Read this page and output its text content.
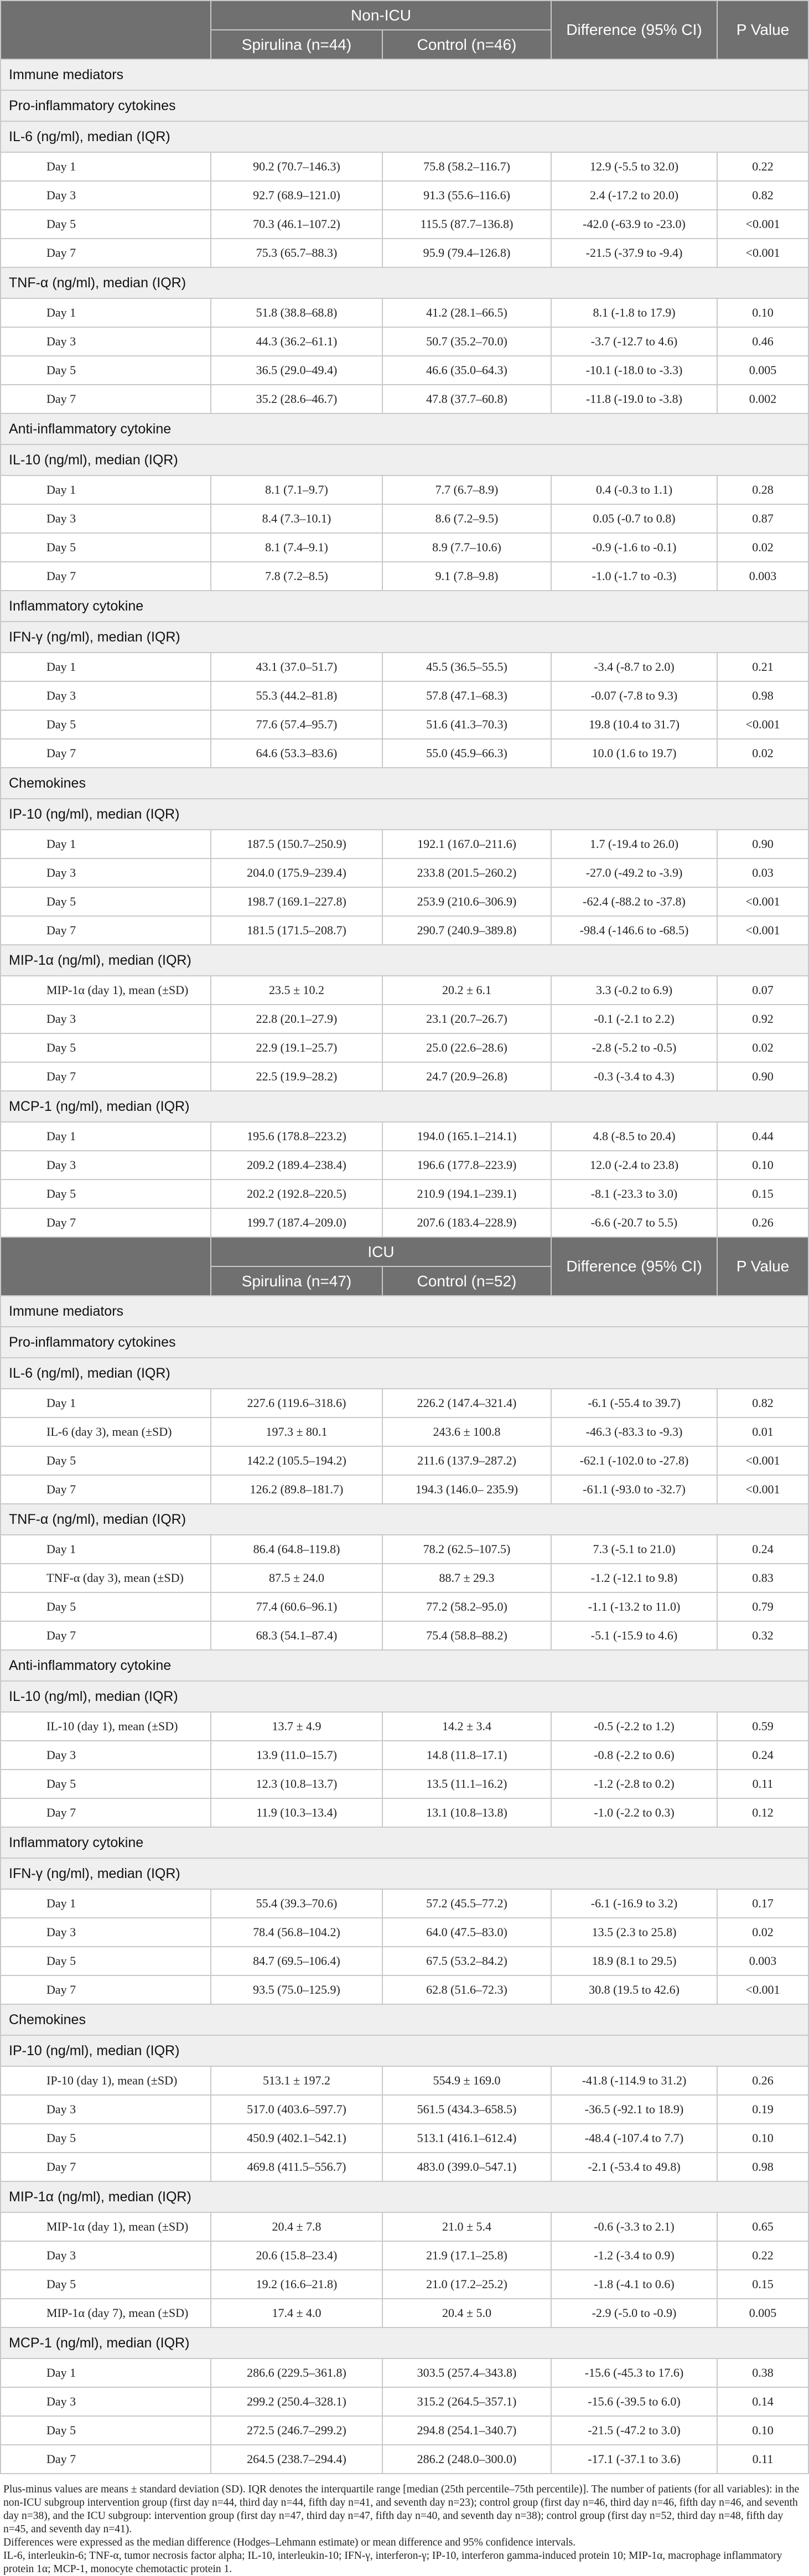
	Non-ICU		Difference (95% CI)	P Value
	Spirulina (n=44)	Control (n=46)		
Immune mediators				
Pro-inflammatory cytokines				
IL-6 (ng/ml), median (IQR)				
Day 1	90.2 (70.7–146.3)	75.8 (58.2–116.7)	12.9 (-5.5 to 32.0)	0.22
Day 3	92.7 (68.9–121.0)	91.3 (55.6–116.6)	2.4 (-17.2 to 20.0)	0.82
Day 5	70.3 (46.1–107.2)	115.5 (87.7–136.8)	-42.0 (-63.9 to -23.0)	<0.001
Day 7	75.3 (65.7–88.3)	95.9 (79.4–126.8)	-21.5 (-37.9 to -9.4)	<0.001
TNF-α (ng/ml), median (IQR)				
Day 1	51.8 (38.8–68.8)	41.2 (28.1–66.5)	8.1 (-1.8 to 17.9)	0.10
Day 3	44.3 (36.2–61.1)	50.7 (35.2–70.0)	-3.7 (-12.7 to 4.6)	0.46
Day 5	36.5 (29.0–49.4)	46.6 (35.0–64.3)	-10.1 (-18.0 to -3.3)	0.005
Day 7	35.2 (28.6–46.7)	47.8 (37.7–60.8)	-11.8 (-19.0 to -3.8)	0.002
Anti-inflammatory cytokine				
IL-10 (ng/ml), median (IQR)				
Day 1	8.1 (7.1–9.7)	7.7 (6.7–8.9)	0.4 (-0.3 to 1.1)	0.28
Day 3	8.4 (7.3–10.1)	8.6 (7.2–9.5)	0.05 (-0.7 to 0.8)	0.87
Day 5	8.1 (7.4–9.1)	8.9 (7.7–10.6)	-0.9 (-1.6 to -0.1)	0.02
Day 7	7.8 (7.2–8.5)	9.1 (7.8–9.8)	-1.0 (-1.7 to -0.3)	0.003
Inflammatory cytokine				
IFN-γ (ng/ml), median (IQR)				
Day 1	43.1 (37.0–51.7)	45.5 (36.5–55.5)	-3.4 (-8.7 to 2.0)	0.21
Day 3	55.3 (44.2–81.8)	57.8 (47.1–68.3)	-0.07 (-7.8 to 9.3)	0.98
Day 5	77.6 (57.4–95.7)	51.6 (41.3–70.3)	19.8 (10.4 to 31.7)	<0.001
Day 7	64.6 (53.3–83.6)	55.0 (45.9–66.3)	10.0 (1.6 to 19.7)	0.02
Chemokines				
IP-10 (ng/ml), median (IQR)				
Day 1	187.5 (150.7–250.9)	192.1 (167.0–211.6)	1.7 (-19.4 to 26.0)	0.90
Day 3	204.0 (175.9–239.4)	233.8 (201.5–260.2)	-27.0 (-49.2 to -3.9)	0.03
Day 5	198.7 (169.1–227.8)	253.9 (210.6–306.9)	-62.4 (-88.2 to -37.8)	<0.001
Day 7	181.5 (171.5–208.7)	290.7 (240.9–389.8)	-98.4 (-146.6 to -68.5)	<0.001
MIP-1α (ng/ml), median (IQR)				
MIP-1α (day 1), mean (±SD)	23.5 ± 10.2	20.2 ± 6.1	3.3 (-0.2 to 6.9)	0.07
Day 3	22.8 (20.1–27.9)	23.1 (20.7–26.7)	-0.1 (-2.1 to 2.2)	0.92
Day 5	22.9 (19.1–25.7)	25.0 (22.6–28.6)	-2.8 (-5.2 to -0.5)	0.02
Day 7	22.5 (19.9–28.2)	24.7 (20.9–26.8)	-0.3 (-3.4 to 4.3)	0.90
MCP-1 (ng/ml), median (IQR)				
Day 1	195.6 (178.8–223.2)	194.0 (165.1–214.1)	4.8 (-8.5 to 20.4)	0.44
Day 3	209.2 (189.4–238.4)	196.6 (177.8–223.9)	12.0 (-2.4 to 23.8)	0.10
Day 5	202.2 (192.8–220.5)	210.9 (194.1–239.1)	-8.1 (-23.3 to 3.0)	0.15
Day 7	199.7 (187.4–209.0)	207.6 (183.4–228.9)	-6.6 (-20.7 to 5.5)	0.26
	ICU		Difference (95% CI)	P Value
	Spirulina (n=47)	Control (n=52)		
Immune mediators				
Pro-inflammatory cytokines				
IL-6 (ng/ml), median (IQR)				
Day 1	227.6 (119.6–318.6)	226.2 (147.4–321.4)	-6.1 (-55.4 to 39.7)	0.82
IL-6 (day 3), mean (±SD)	197.3 ± 80.1	243.6 ± 100.8	-46.3 (-83.3 to -9.3)	0.01
Day 5	142.2 (105.5–194.2)	211.6 (137.9–287.2)	-62.1 (-102.0 to -27.8)	<0.001
Day 7	126.2 (89.8–181.7)	194.3 (146.0– 235.9)	-61.1 (-93.0 to -32.7)	<0.001
TNF-α (ng/ml), median (IQR)				
Day 1	86.4 (64.8–119.8)	78.2 (62.5–107.5)	7.3 (-5.1 to 21.0)	0.24
TNF-α (day 3), mean (±SD)	87.5 ± 24.0	88.7 ± 29.3	-1.2 (-12.1 to 9.8)	0.83
Day 5	77.4 (60.6–96.1)	77.2 (58.2–95.0)	-1.1 (-13.2 to 11.0)	0.79
Day 7	68.3 (54.1–87.4)	75.4 (58.8–88.2)	-5.1 (-15.9 to 4.6)	0.32
Anti-inflammatory cytokine				
IL-10 (ng/ml), median (IQR)				
IL-10 (day 1), mean (±SD)	13.7 ± 4.9	14.2 ± 3.4	-0.5 (-2.2 to 1.2)	0.59
Day 3	13.9 (11.0–15.7)	14.8 (11.8–17.1)	-0.8 (-2.2 to 0.6)	0.24
Day 5	12.3 (10.8–13.7)	13.5 (11.1–16.2)	-1.2 (-2.8 to 0.2)	0.11
Day 7	11.9 (10.3–13.4)	13.1 (10.8–13.8)	-1.0 (-2.2 to 0.3)	0.12
Inflammatory cytokine				
IFN-γ (ng/ml), median (IQR)				
Day 1	55.4 (39.3–70.6)	57.2 (45.5–77.2)	-6.1 (-16.9 to 3.2)	0.17
Day 3	78.4 (56.8–104.2)	64.0 (47.5–83.0)	13.5 (2.3 to 25.8)	0.02
Day 5	84.7 (69.5–106.4)	67.5 (53.2–84.2)	18.9 (8.1 to 29.5)	0.003
Day 7	93.5 (75.0–125.9)	62.8 (51.6–72.3)	30.8 (19.5 to 42.6)	<0.001
Chemokines				
IP-10 (ng/ml), median (IQR)				
IP-10 (day 1), mean (±SD)	513.1 ± 197.2	554.9 ± 169.0	-41.8 (-114.9 to 31.2)	0.26
Day 3	517.0 (403.6–597.7)	561.5 (434.3–658.5)	-36.5 (-92.1 to 18.9)	0.19
Day 5	450.9 (402.1–542.1)	513.1 (416.1–612.4)	-48.4 (-107.4 to 7.7)	0.10
Day 7	469.8 (411.5–556.7)	483.0 (399.0–547.1)	-2.1 (-53.4 to 49.8)	0.98
MIP-1α (ng/ml), median (IQR)				
MIP-1α (day 1), mean (±SD)	20.4 ± 7.8	21.0 ± 5.4	-0.6 (-3.3 to 2.1)	0.65
Day 3	20.6 (15.8–23.4)	21.9 (17.1–25.8)	-1.2 (-3.4 to 0.9)	0.22
Day 5	19.2 (16.6–21.8)	21.0 (17.2–25.2)	-1.8 (-4.1 to 0.6)	0.15
MIP-1α (day 7), mean (±SD)	17.4 ± 4.0	20.4 ± 5.0	-2.9 (-5.0 to -0.9)	0.005
MCP-1 (ng/ml), median (IQR)				
Day 1	286.6 (229.5–361.8)	303.5 (257.4–343.8)	-15.6 (-45.3 to 17.6)	0.38
Day 3	299.2 (250.4–328.1)	315.2 (264.5–357.1)	-15.6 (-39.5 to 6.0)	0.14
Day 5	272.5 (246.7–299.2)	294.8 (254.1–340.7)	-21.5 (-47.2 to 3.0)	0.10
Day 7	264.5 (238.7–294.4)	286.2 (248.0–300.0)	-17.1 (-37.1 to 3.6)	0.11

Plus-minus values are means ± standard deviation (SD). IQR denotes the interquartile range [median (25th percentile–75th percentile)]. The number of patients (for all variables): in the non-ICU subgroup intervention group (first day n=44, third day n=44, fifth day n=41, and seventh day n=23); control group (first day n=46, third day n=46, fifth day n=46, and seventh day n=38), and the ICU subgroup: intervention group (first day n=47, third day n=47, fifth day n=40, and seventh day n=38); control group (first day n=52, third day n=48, fifth day n=45, and seventh day n=41).

Differences were expressed as the median difference (Hodges–Lehmann estimate) or mean difference and 95% confidence intervals.

IL-6, interleukin-6; TNF-α, tumor necrosis factor alpha; IL-10, interleukin-10; IFN-γ, interferon-γ; IP-10, interferon gamma-induced protein 10; MIP-1α, macrophage inflammatory protein 1α; MCP-1, monocyte chemotactic protein 1.
